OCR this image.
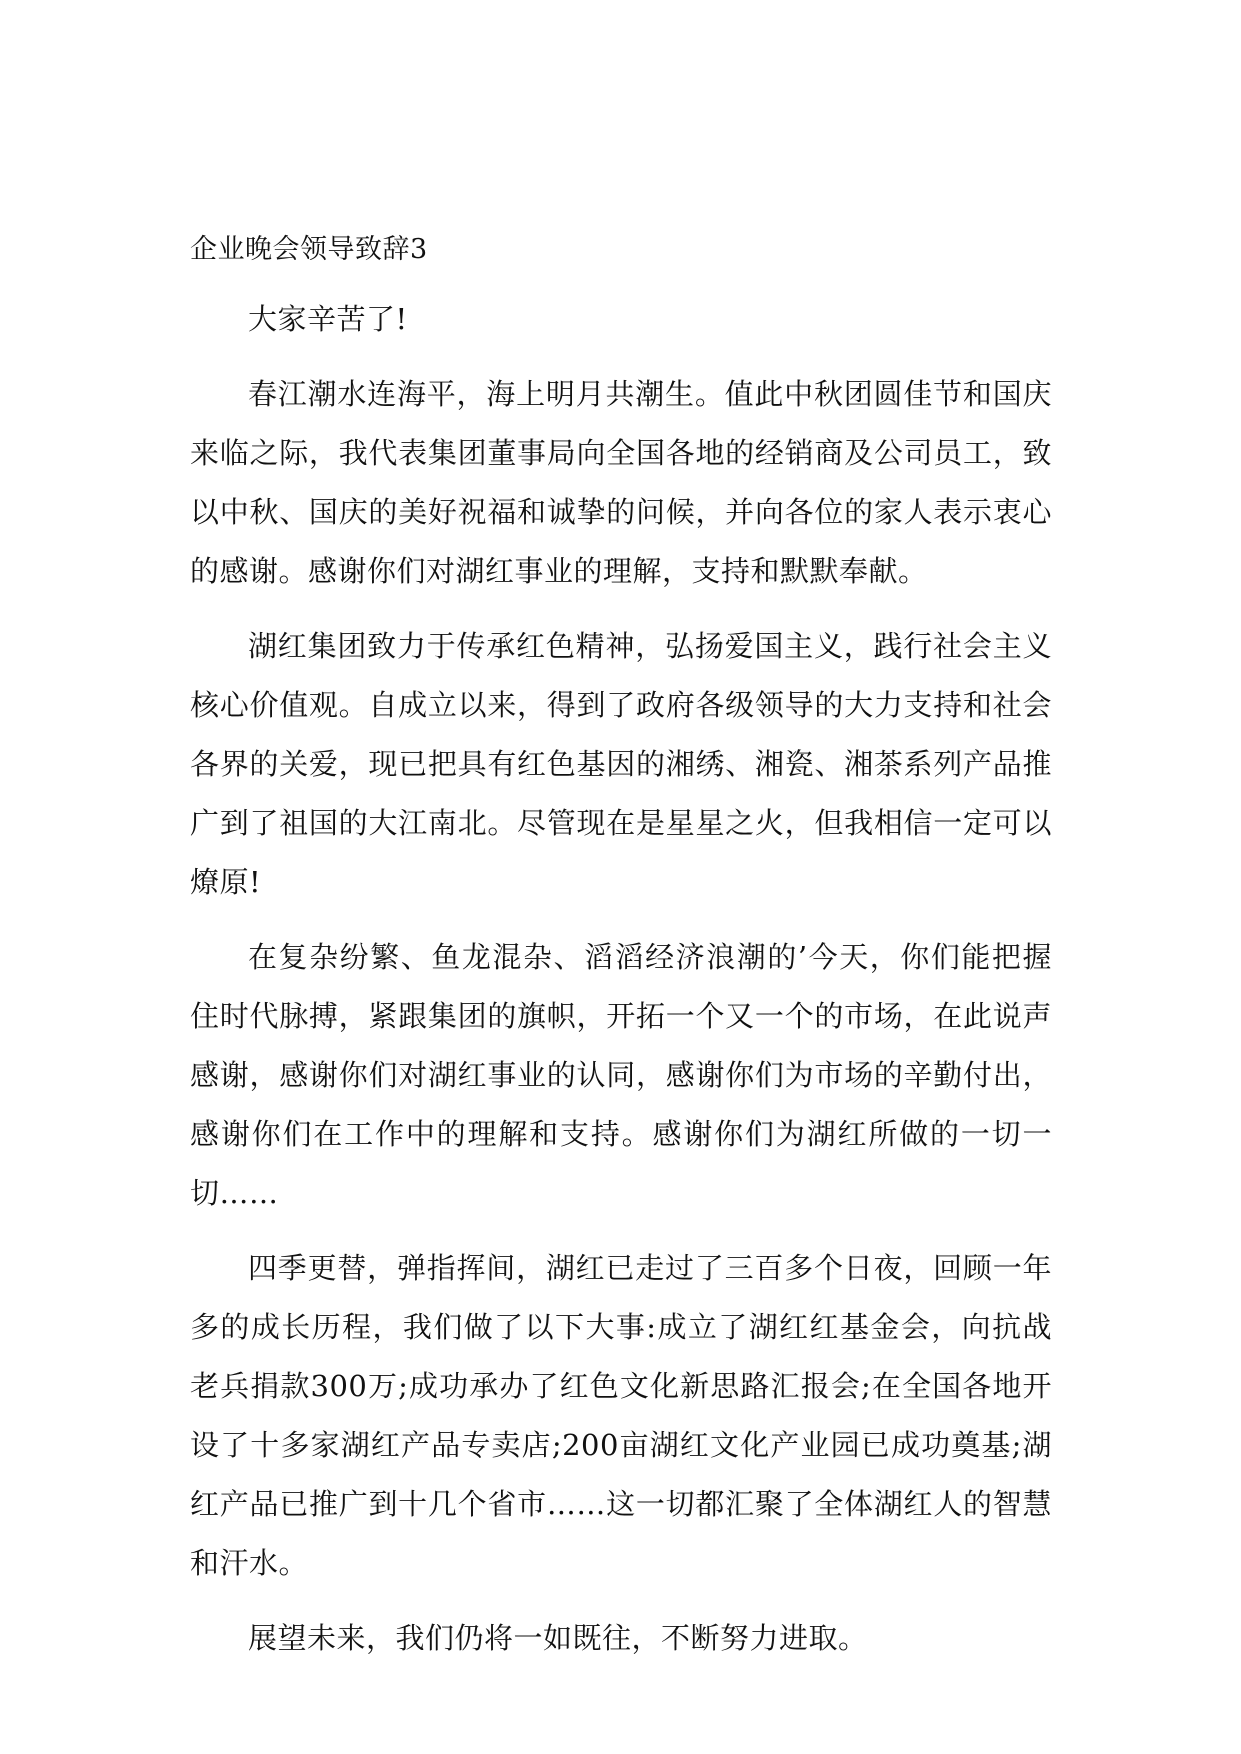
企业晚会领导致辞3

大家辛苦了!

春江潮水连海平，海上明月共潮生。值此中秋团圆佳节和国庆来临之际，我代表集团董事局向全国各地的经销商及公司员工，致以中秋、国庆的美好祝福和诚挚的问候，并向各位的家人表示衷心的感谢。感谢你们对湖红事业的理解，支持和默默奉献。

湖红集团致力于传承红色精神，弘扬爱国主义，践行社会主义核心价值观。自成立以来，得到了政府各级领导的大力支持和社会各界的关爱，现已把具有红色基因的湘绣、湘瓷、湘茶系列产品推广到了祖国的大江南北。尽管现在是星星之火，但我相信一定可以燎原!

在复杂纷繁、鱼龙混杂、滔滔经济浪潮的’今天，你们能把握住时代脉搏，紧跟集团的旗帜，开拓一个又一个的市场，在此说声感谢，感谢你们对湖红事业的认同，感谢你们为市场的辛勤付出，感谢你们在工作中的理解和支持。感谢你们为湖红所做的一切一切……

四季更替，弹指挥间，湖红已走过了三百多个日夜，回顾一年多的成长历程，我们做了以下大事:成立了湖红红基金会，向抗战老兵捐款300万;成功承办了红色文化新思路汇报会;在全国各地开设了十多家湖红产品专卖店;200亩湖红文化产业园已成功奠基;湖红产品已推广到十几个省市……这一切都汇聚了全体湖红人的智慧和汗水。

展望未来，我们仍将一如既往，不断努力进取。
